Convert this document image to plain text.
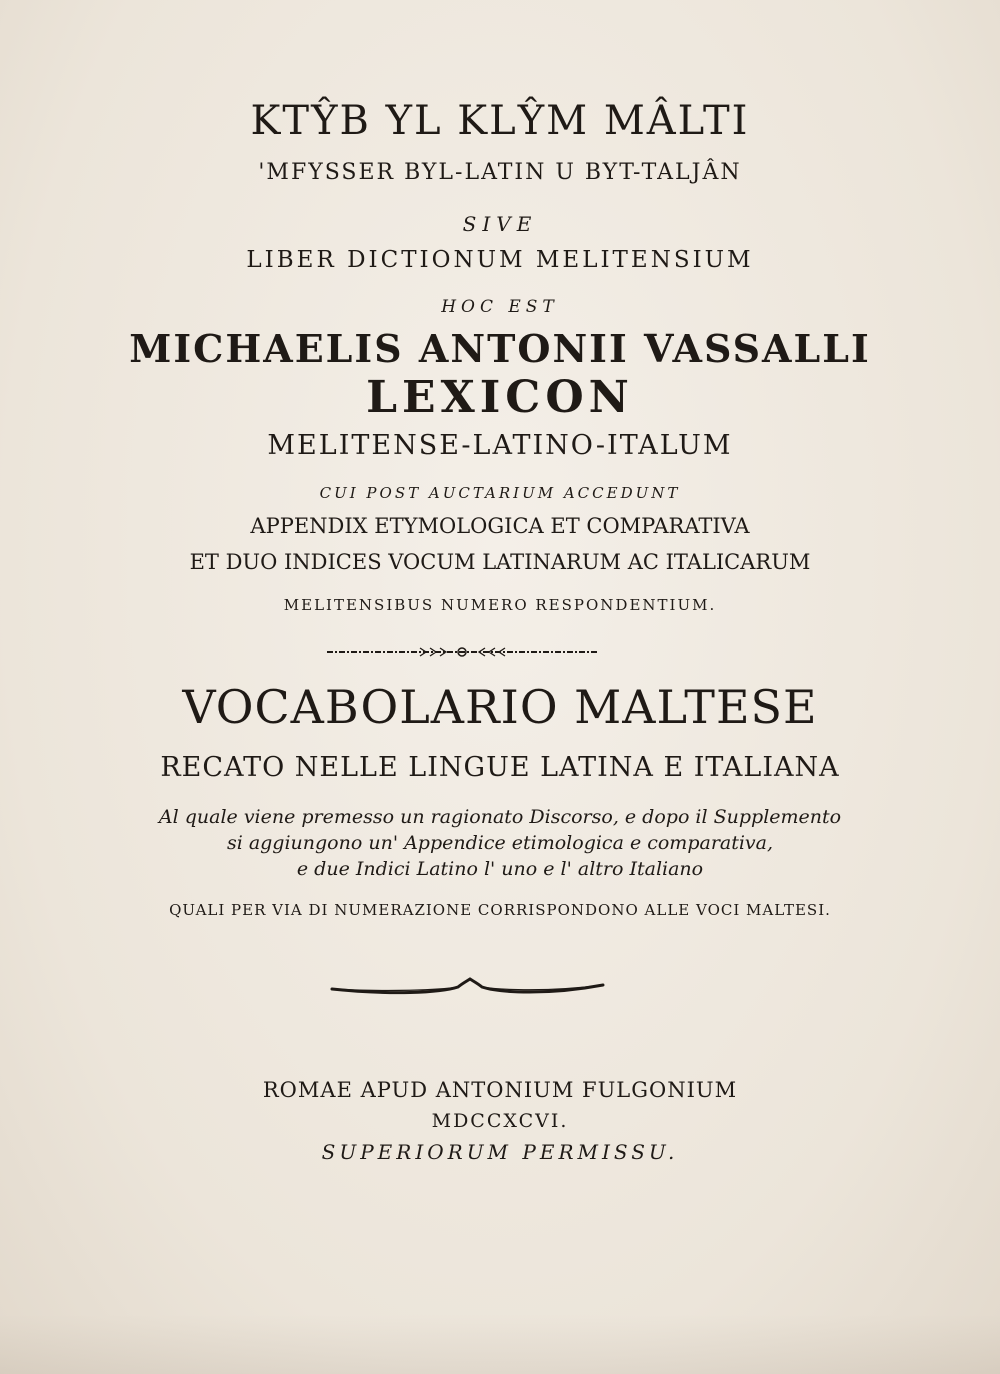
KTŶB YL KLŶM MÂLTI
'MFYSSER BYL-LATIN U BYT-TALJÂN
SIVE
LIBER DICTIONUM MELITENSIUM
HOC EST
MICHAELIS ANTONII VASSALLI
LEXICON
MELITENSE-LATINO-ITALUM
CUI POST AUCTARIUM ACCEDUNT
APPENDIX ETYMOLOGICA ET COMPARATIVA
ET DUO INDICES VOCUM LATINARUM AC ITALICARUM
MELITENSIBUS NUMERO RESPONDENTIUM.
VOCABOLARIO MALTESE
RECATO NELLE LINGUE LATINA E ITALIANA
Al quale viene premesso un ragionato Discorso, e dopo il Supplemento
si aggiungono un' Appendice etimologica e comparativa,
e due Indici Latino l' uno e l' altro Italiano
QUALI PER VIA DI NUMERAZIONE CORRISPONDONO ALLE VOCI MALTESI.
ROMAE APUD ANTONIUM FULGONIUM
MDCCXCVI.
SUPERIORUM PERMISSU.
